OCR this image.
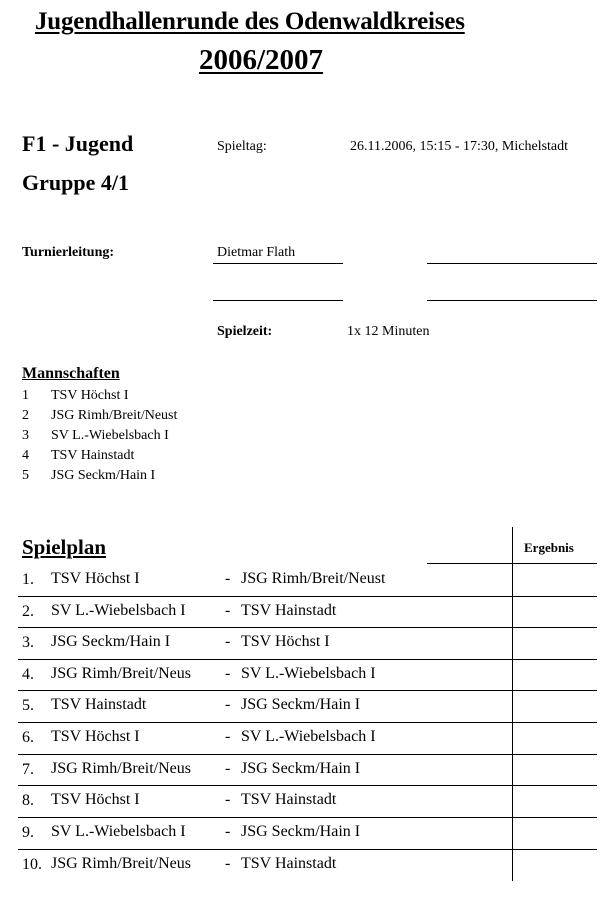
Jugendhallenrunde des Odenwaldkreises
2006/2007
F1 - Jugend
Gruppe 4/1
Spieltag:	26.11.2006, 15:15 - 17:30, Michelstadt
Turnierleitung:	Dietmar Flath
Spielzeit:	1x 12 Minuten
Mannschaften
1 TSV Höchst I
2 JSG Rimh/Breit/Neust
3 SV L.-Wiebelsbach I
4 TSV Hainstadt
5 JSG Seckm/Hain I
Spielplan	Ergebnis
1. TSV Höchst I	- JSG Rimh/Breit/Neust
2. SV L.-Wiebelsbach I - TSV Hainstadt
3. JSG Seckm/Hain I	- TSV Höchst I
4. JSG Rimh/Breit/Neus - SV L.-Wiebelsbach I
5. TSV Hainstadt	- JSG Seckm/Hain I
6. TSV Höchst I	- SV L.-Wiebelsbach I
7. JSG Rimh/Breit/Neus - JSG Seckm/Hain I
8. TSV Höchst I	- TSV Hainstadt
9. SV L.-Wiebelsbach I - JSG Seckm/Hain I
10. JSG Rimh/Breit/Neus - TSV Hainstadt
